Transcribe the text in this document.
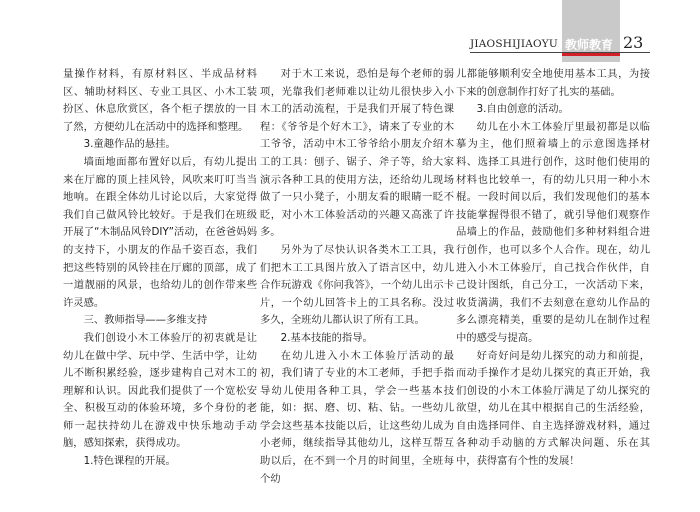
JIAOSHIJIAOYU 教师教育 23

量操作材料，有原材料区、半成品材料区、辅助材料区、专业工具区、小木工装扮区、休息欣赏区，各个柜子摆放的一目了然，方便幼儿在活动中的选择和整理。

3.童趣作品的悬挂。

墙面地面都布置好以后，有幼儿提出来在厅廊的顶上挂风铃，风吹来叮叮当当地响。在跟全体幼儿讨论以后，大家觉得我们自己做风铃比较好。于是我们在班级开展了“木制品风铃DIY”活动，在爸爸妈妈的支持下，小朋友的作品千姿百态，我们把这些特别的风铃挂在厅廊的顶部，成了一道靓丽的风景，也给幼儿的创作带来些许灵感。

三、教师指导——多维支持

我们创设小木工体验厅的初衷就是让幼儿在做中学、玩中学、生活中学，让幼儿不断积累经验，逐步建构自己对木工的理解和认识。因此我们提供了一个宽松安全、积极互动的体验环境，多个身份的老师一起扶持幼儿在游戏中快乐地动手动脑，感知探索，获得成功。

1.特色课程的开展。

对于木工来说，恐怕是每个老师的弱项，光靠我们老师难以让幼儿很快步入小木工的活动流程，于是我们开展了特色课程：《爷爷是个好木工》，请来了专业的木工爷爷，活动中木工爷爷给小朋友介绍木工的工具：刨子、锯子、斧子等，给大家演示各种工具的使用方法，还给幼儿现场做了一只小凳子，小朋友看的眼睛一眨不眨，对小木工体验活动的兴趣又高涨了许多。

另外为了尽快认识各类木工工具，我们把木工工具图片放入了语言区中，幼儿合作玩游戏《你问我答》，一个幼儿出示卡片，一个幼儿回答卡上的工具名称。没过多久，全班幼儿都认识了所有工具。

2.基本技能的指导。

在幼儿进入小木工体验厅活动的最初，我们请了专业的木工老师，手把手指导幼儿使用各种工具，学会一些基本技能，如：据、磨、切、粘、钻。一些幼儿学会这些基本技能以后，让这些幼儿成为小老师，继续指导其他幼儿，这样互帮互助以后，在不到一个月的时间里，全班每个幼

儿都能够顺利安全地使用基本工具，为接下来的创意制作打好了扎实的基础。

3.自由创意的活动。

幼儿在小木工体验厅里最初都是以临摹为主，他们照着墙上的示意图选择材料、选择工具进行创作，这时他们使用的材料也比较单一，有的幼儿只用一种小木棍。一段时间以后，我们发现他们的基本技能掌握得很不错了，就引导他们观察作品墙上的作品，鼓励他们多种材料组合进行创作，也可以多个人合作。现在，幼儿进入小木工体验厅，自己找合作伙伴，自己设计图纸，自己分工，一次活动下来，收货满满，我们不去刻意在意幼儿作品的多么漂亮精美，重要的是幼儿在制作过程中的感受与提高。

好奇好问是幼儿探究的动力和前提，而动手操作才是幼儿探究的真正开始，我们创设的小木工体验厅满足了幼儿探究的欲望，幼儿在其中根据自己的生活经验，自由选择同伴、自主选择游戏材料，通过各种动手动脑的方式解决问题、乐在其中，获得富有个性的发展！
